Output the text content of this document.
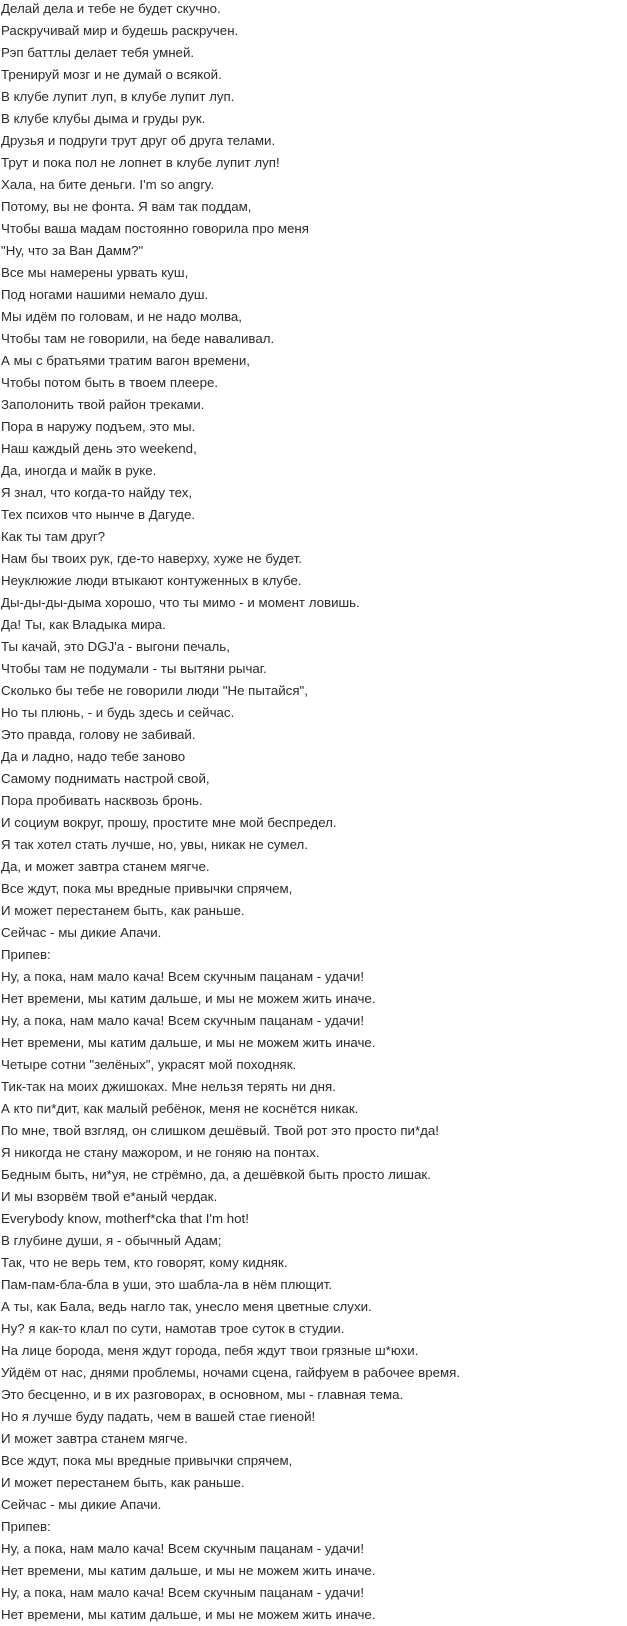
Делай дела и тебе не будет скучно.

Раскручивай мир и будешь раскручен.

Рэп баттлы делает тебя умней.

Тренируй мозг и не думай о всякой.

В клубе лупит луп, в клубе лупит луп.

В клубе клубы дыма и груды рук.

Друзья и подруги трут друг об друга телами.

Трут и пока пол не лопнет в клубе лупит луп!

Хала, на бите деньги. I'm so angry.

Потому, вы не фонта. Я вам так поддам,

Чтобы ваша мадам постоянно говорила про меня

"Ну, что за Ван Дамм?"

Все мы намерены урвать куш,

Под ногами нашими немало душ.

Мы идём по головам, и не надо молва,

Чтобы там не говорили, на беде наваливал.

А мы с братьями тратим вагон времени,

Чтобы потом быть в твоем плеере.

Заполонить твой район треками.

Пора в наружу подъем, это мы.

Наш каждый день это weekend,

Да, иногда и майк в руке.

Я знал, что когда-то найду тех,

Тех психов что нынче в Дагуде.

Как ты там друг?

Нам бы твоих рук, где-то наверху, хуже не будет.

Неуклюжие люди втыкают контуженных в клубе.

Ды-ды-ды-дыма хорошо, что ты мимо - и момент ловишь.

Да! Ты, как Владыка мира.

Ты качай, это DGJ'a - выгони печаль,

Чтобы там не подумали - ты вытяни рычаг.

Сколько бы тебе не говорили люди "Не пытайся",

Но ты плюнь, - и будь здесь и сейчас.

Это правда, голову не забивай.

Да и ладно, надо тебе заново

Самому поднимать настрой свой,

Пора пробивать насквозь бронь.

И социум вокруг, прошу, простите мне мой беспредел.

Я так хотел стать лучше, но, увы, никак не сумел.

Да, и может завтра станем мягче.

Все ждут, пока мы вредные привычки спрячем,

И может перестанем быть, как раньше.

Сейчас - мы дикие Апачи.

Припев:

Ну, а пока, нам мало кача! Всем скучным пацанам - удачи!

Нет времени, мы катим дальше, и мы не можем жить иначе.

Ну, а пока, нам мало кача! Всем скучным пацанам - удачи!

Нет времени, мы катим дальше, и мы не можем жить иначе.

Четыре сотни "зелёных", украсят мой походняк.

Тик-так на моих джишоках. Мне нельзя терять ни дня.

А кто пи*дит, как малый ребёнок, меня не коснётся никак.

По мне, твой взгляд, он слишком дешёвый. Твой рот это просто пи*да!

Я никогда не стану мажором, и не гоняю на понтах.

Бедным быть, ни*уя, не стрёмно, да, а дешёвкой быть просто лишак.

И мы взорвём твой е*аный чердак.

Everybody know, motherf*cka that I'm hot!

В глубине души, я - обычный Адам;

Так, что не верь тем, кто говорят, кому кидняк.

Пам-пам-бла-бла в уши, это шабла-ла в нём плющит.

А ты, как Бала, ведь нагло так, унесло меня цветные слухи.

Ну? я как-то клал по сути, намотав трое суток в студии.

На лице борода, меня ждут города, пебя ждут твои грязные ш*юхи.

Уйдём от нас, днями проблемы, ночами сцена, гайфуем в рабочее время.

Это бесценно, и в их разговорах, в основном, мы - главная тема.

Но я лучше буду падать, чем в вашей стае гиеной!

И может завтра станем мягче.

Все ждут, пока мы вредные привычки спрячем,

И может перестанем быть, как раньше.

Сейчас - мы дикие Апачи.

Припев:

Ну, а пока, нам мало кача! Всем скучным пацанам - удачи!

Нет времени, мы катим дальше, и мы не можем жить иначе.

Ну, а пока, нам мало кача! Всем скучным пацанам - удачи!

Нет времени, мы катим дальше, и мы не можем жить иначе.
